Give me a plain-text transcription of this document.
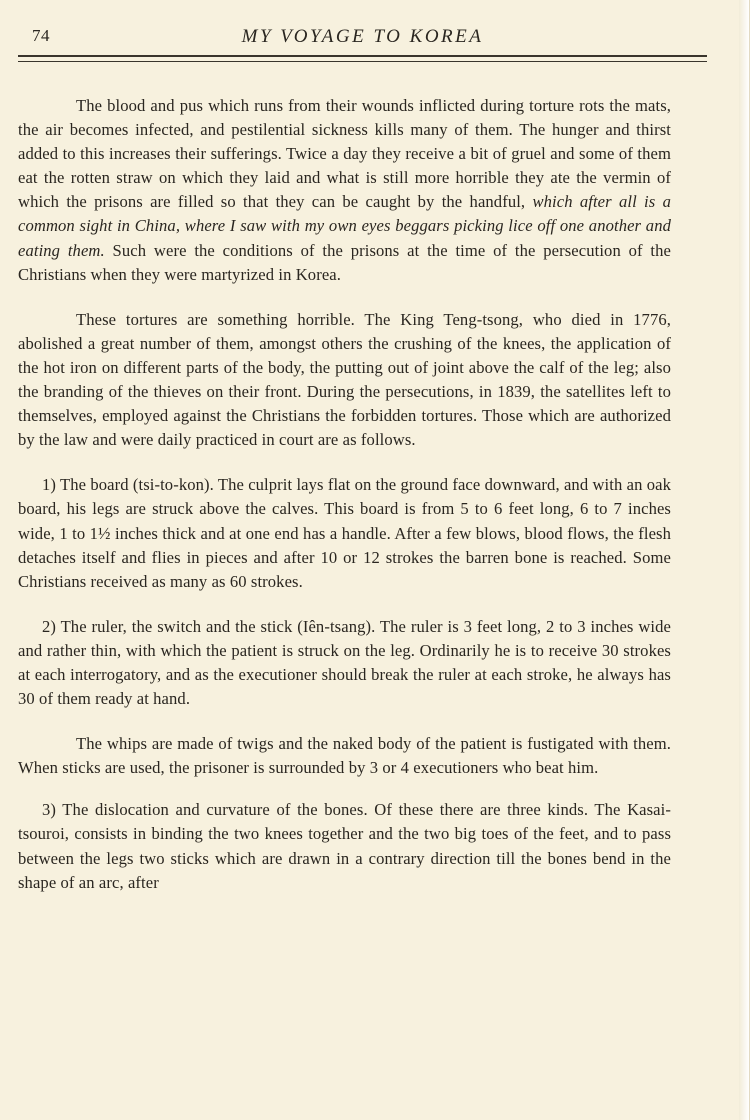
74	MY VOYAGE TO KOREA

The blood and pus which runs from their wounds inflicted during torture rots the mats, the air becomes infected, and pestilential sickness kills many of them. The hunger and thirst added to this increases their sufferings. Twice a day they receive a bit of gruel and some of them eat the rotten straw on which they laid and what is still more horrible they ate the vermin of which the prisons are filled so that they can be caught by the handful, which after all is a common sight in China, where I saw with my own eyes beggars picking lice off one another and eating them. Such were the conditions of the prisons at the time of the persecution of the Christians when they were martyrized in Korea.

These tortures are something horrible. The King Teng-tsong, who died in 1776, abolished a great number of them, amongst others the crushing of the knees, the application of the hot iron on different parts of the body, the putting out of joint above the calf of the leg; also the branding of the thieves on their front. During the persecutions, in 1839, the satellites left to themselves, employed against the Christians the forbidden tortures. Those which are authorized by the law and were daily practiced in court are as follows.

1) The board (tsi-to-kon). The culprit lays flat on the ground face downward, and with an oak board, his legs are struck above the calves. This board is from 5 to 6 feet long, 6 to 7 inches wide, 1 to 1½ inches thick and at one end has a handle. After a few blows, blood flows, the flesh detaches itself and flies in pieces and after 10 or 12 strokes the barren bone is reached. Some Christians received as many as 60 strokes.

2) The ruler, the switch and the stick (Iên-tsang). The ruler is 3 feet long, 2 to 3 inches wide and rather thin, with which the patient is struck on the leg. Ordinarily he is to receive 30 strokes at each interrogatory, and as the executioner should break the ruler at each stroke, he always has 30 of them ready at hand.

The whips are made of twigs and the naked body of the patient is fustigated with them. When sticks are used, the prisoner is surrounded by 3 or 4 executioners who beat him.

3) The dislocation and curvature of the bones. Of these there are three kinds. The Kasai-tsouroi, consists in binding the two knees together and the two big toes of the feet, and to pass between the legs two sticks which are drawn in a contrary direction till the bones bend in the shape of an arc, after
